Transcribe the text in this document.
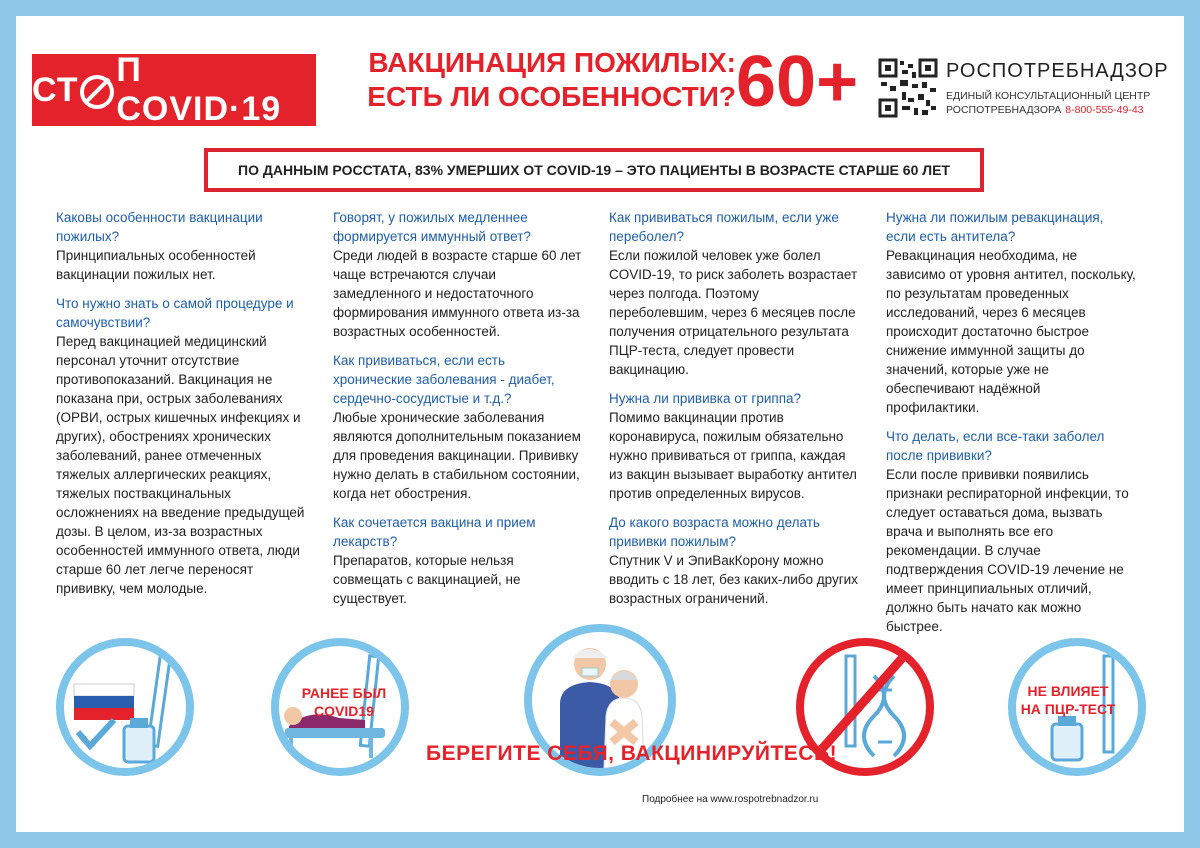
СТ
П COVID·19
ВАКЦИНАЦИЯ ПОЖИЛЫХ:
ЕСТЬ ЛИ ОСОБЕННОСТИ? 60+	РОСПОТРЕБНАДЗОР
ЕДИНЫЙ КОНСУЛЬТАЦИОННЫЙ ЦЕНТР
РОСПОТРЕБНАДЗОРА 8-800-555-49-43
ПО ДАННЫМ РОССТАТА, 83% УМЕРШИХ ОТ COVID-19 – ЭТО ПАЦИЕНТЫ В ВОЗРАСТЕ СТАРШЕ 60 ЛЕТ
Каковы особенности вакцинации пожилых?
Принципиальных особенностей вакцинации пожилых нет.
Что нужно знать о самой процедуре и самочувствии?
Перед вакцинацией медицинский персонал уточнит отсутствие противопоказаний. Вакцинация не показана при, острых заболеваниях (ОРВИ, острых кишечных инфекциях и других), обострениях хронических заболеваний, ранее отмеченных тяжелых аллергических реакциях, тяжелых поствакцинальных осложнениях на введение предыдущей дозы. В целом, из-за возрастных особенностей иммунного ответа, люди старше 60 лет легче переносят прививку, чем молодые.
Говорят, у пожилых медленнее формируется иммунный ответ?
Среди людей в возрасте старше 60 лет чаще встречаются случаи замедленного и недостаточного формирования иммунного ответа из-за возрастных особенностей.
Как прививаться, если есть хронические заболевания - диабет, сердечно-сосудистые и т.д.?
Любые хронические заболевания являются дополнительным показанием для проведения вакцинации. Прививку нужно делать в стабильном состоянии, когда нет обострения.
Как сочетается вакцина и прием лекарств?
Препаратов, которые нельзя совмещать с вакцинацией, не существует.
Как прививаться пожилым, если уже переболел?
Если пожилой человек уже болел COVID-19, то риск заболеть возрастает через полгода. Поэтому переболевшим, через 6 месяцев после получения отрицательного результата ПЦР-теста, следует провести вакцинацию.
Нужна ли прививка от гриппа?
Помимо вакцинации против коронавируса, пожилым обязательно нужно прививаться от гриппа, каждая из вакцин вызывает выработку антител против определенных вирусов.
До какого возраста можно делать прививки пожилым?
Спутник V и ЭпиВакКорону можно вводить с 18 лет, без каких-либо других возрастных ограничений.
Нужна ли пожилым ревакцинация, если есть антитела?
Ревакцинация необходима, не зависимо от уровня антител, поскольку, по результатам проведенных исследований, через 6 месяцев происходит достаточно быстрое снижение иммунной защиты до значений, которые уже не обеспечивают надёжной профилактики.
Что делать, если все-таки заболел после прививки?
Если после прививки появились признаки респираторной инфекции, то следует оставаться дома, вызвать врача и выполнять все его рекомендации. В случае подтверждения COVID-19 лечение не имеет принципиальных отличий, должно быть начато как можно быстрее.
РАНЕЕ БЫЛ
COVID19
НЕ ВЛИЯЕТ
НА ПЦР-ТЕСТ
БЕРЕГИТЕ СЕБЯ, ВАКЦИНИРУЙТЕСЬ!
Подробнее на www.rospotrebnadzor.ru
